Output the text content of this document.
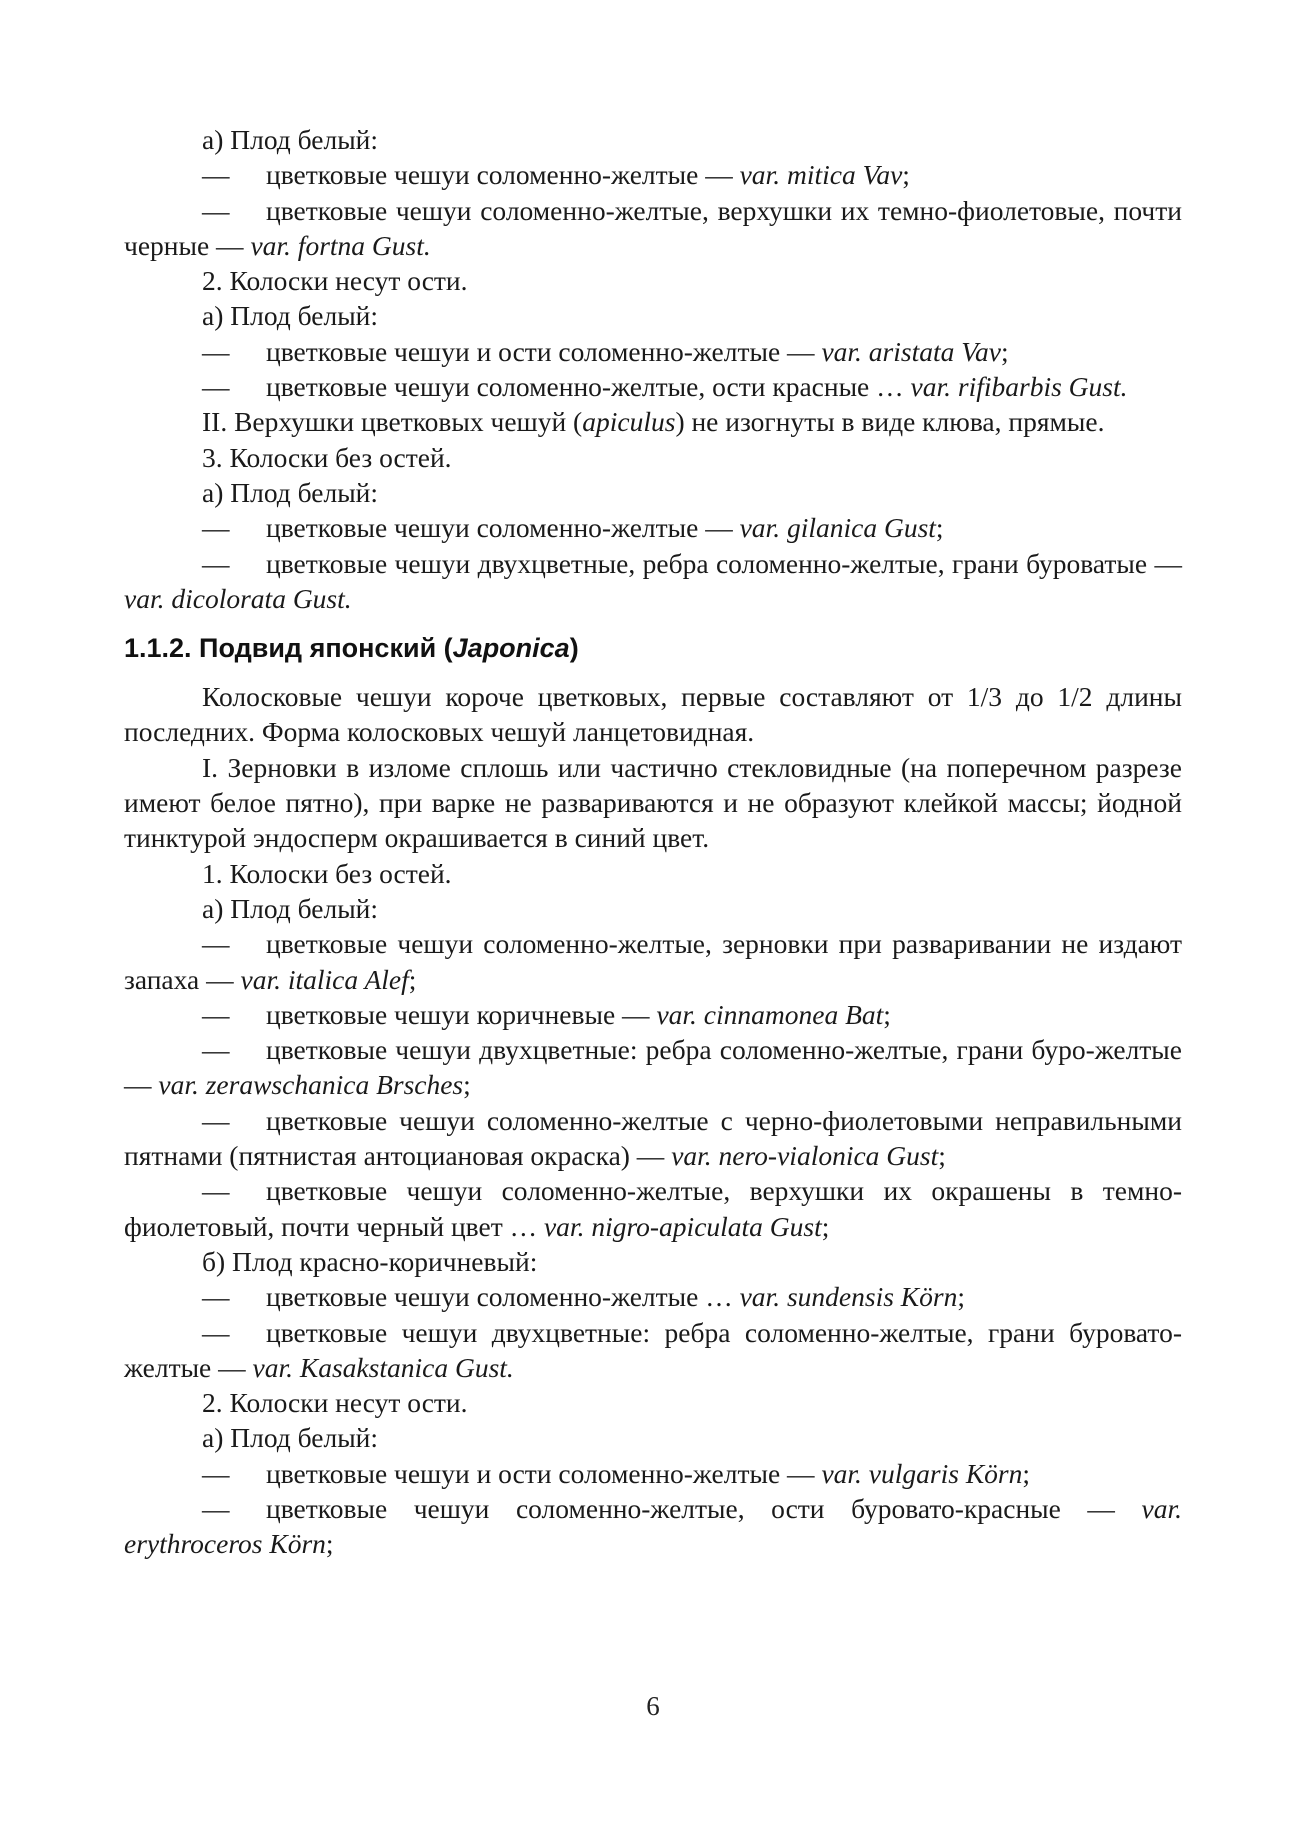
а) Плод белый:

— цветковые чешуи соломенно-желтые — var. mitica Vav;

— цветковые чешуи соломенно-желтые, верхушки их темно-фиолетовые, почти черные — var. fortna Gust.

2. Колоски несут ости.

а) Плод белый:

— цветковые чешуи и ости соломенно-желтые — var. aristata Vav;

— цветковые чешуи соломенно-желтые, ости красные … var. rifibarbis Gust.

II. Верхушки цветковых чешуй (apiculus) не изогнуты в виде клюва, прямые.

3. Колоски без остей.

а) Плод белый:

— цветковые чешуи соломенно-желтые — var. gilanica Gust;

— цветковые чешуи двухцветные, ребра соломенно-желтые, грани буроватые — var. dicolorata Gust.

1.1.2. Подвид японский (Japonica)

Колосковые чешуи короче цветковых, первые составляют от 1/3 до 1/2 длины последних. Форма колосковых чешуй ланцетовидная.

I. Зерновки в изломе сплошь или частично стекловидные (на поперечном разрезе имеют белое пятно), при варке не развариваются и не образуют клейкой массы; йодной тинктурой эндосперм окрашивается в синий цвет.

1. Колоски без остей.

а) Плод белый:

— цветковые чешуи соломенно-желтые, зерновки при разваривании не издают запаха — var. italica Alef;

— цветковые чешуи коричневые — var. cinnamonea Bat;

— цветковые чешуи двухцветные: ребра соломенно-желтые, грани буро-желтые — var. zerawschanica Brsches;

— цветковые чешуи соломенно-желтые с черно-фиолетовыми неправильными пятнами (пятнистая антоциановая окраска) — var. nero-vialonica Gust;

— цветковые чешуи соломенно-желтые, верхушки их окрашены в темно-фиолетовый, почти черный цвет … var. nigro-apiculata Gust;

б) Плод красно-коричневый:

— цветковые чешуи соломенно-желтые … var. sundensis Körn;

— цветковые чешуи двухцветные: ребра соломенно-желтые, грани буровато-желтые — var. Kasakstanica Gust.

2. Колоски несут ости.

а) Плод белый:

— цветковые чешуи и ости соломенно-желтые — var. vulgaris Körn;

— цветковые чешуи соломенно-желтые, ости буровато-красные — var. erythroceros Körn;

6
